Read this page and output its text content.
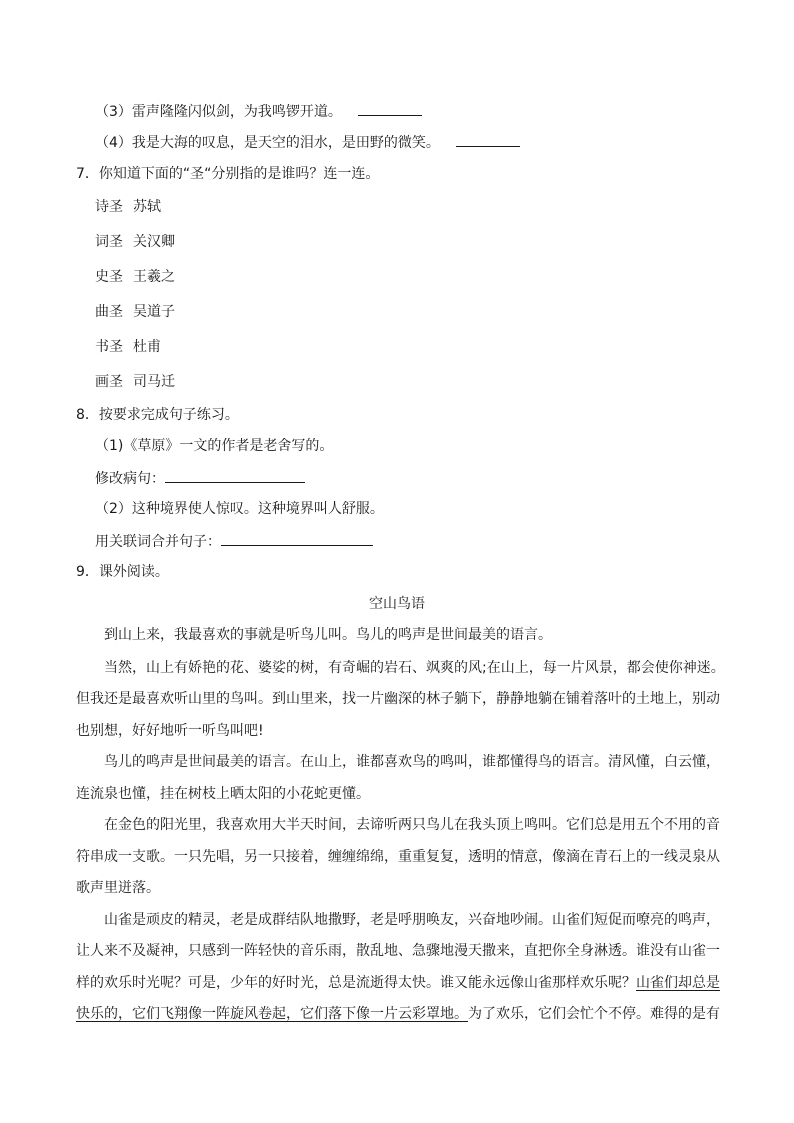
（3）雷声隆隆闪似剑，为我鸣锣开道。
（4）我是大海的叹息，是天空的泪水，是田野的微笑。
7．你知道下面的“圣“分别指的是谁吗？连一连。
诗圣 苏轼
词圣 关汉卿
史圣 王羲之
曲圣 吴道子
书圣 杜甫
画圣 司马迁
8．按要求完成句子练习。
（1)《草原》一文的作者是老舍写的。
修改病句：
（2）这种境界使人惊叹。这种境界叫人舒服。
用关联词合并句子：
9．课外阅读。
空山鸟语
到山上来，我最喜欢的事就是听鸟儿叫。鸟儿的鸣声是世间最美的语言。
当然，山上有娇艳的花、婆娑的树，有奇崛的岩石、飒爽的风;在山上，每一片风景，都会使你神迷。
但我还是最喜欢听山里的鸟叫。到山里来，找一片幽深的林子躺下，静静地躺在铺着落叶的土地上，别动
也别想，好好地听一听鸟叫吧!
鸟儿的鸣声是世间最美的语言。在山上，谁都喜欢鸟的鸣叫，谁都懂得鸟的语言。清风懂，白云懂，
连流泉也懂，挂在树枝上晒太阳的小花蛇更懂。
在金色的阳光里，我喜欢用大半天时间，去谛听两只鸟儿在我头顶上鸣叫。它们总是用五个不用的音
符串成一支歌。一只先唱，另一只接着，缠缠绵绵，重重复复，透明的情意，像滴在青石上的一线灵泉从
歌声里迸落。
山雀是顽皮的精灵，老是成群结队地撒野，老是呼朋唤友，兴奋地吵闹。山雀们短促而嘹亮的鸣声，
让人来不及凝神，只感到一阵轻快的音乐雨，散乱地、急骤地漫天撒来，直把你全身淋透。谁没有山雀一
样的欢乐时光呢？可是，少年的好时光，总是流逝得太快。谁又能永远像山雀那样欢乐呢？山雀们却总是
快乐的，它们飞翔像一阵旋风卷起，它们落下像一片云彩罩地。为了欢乐，它们会忙个不停。难得的是有
